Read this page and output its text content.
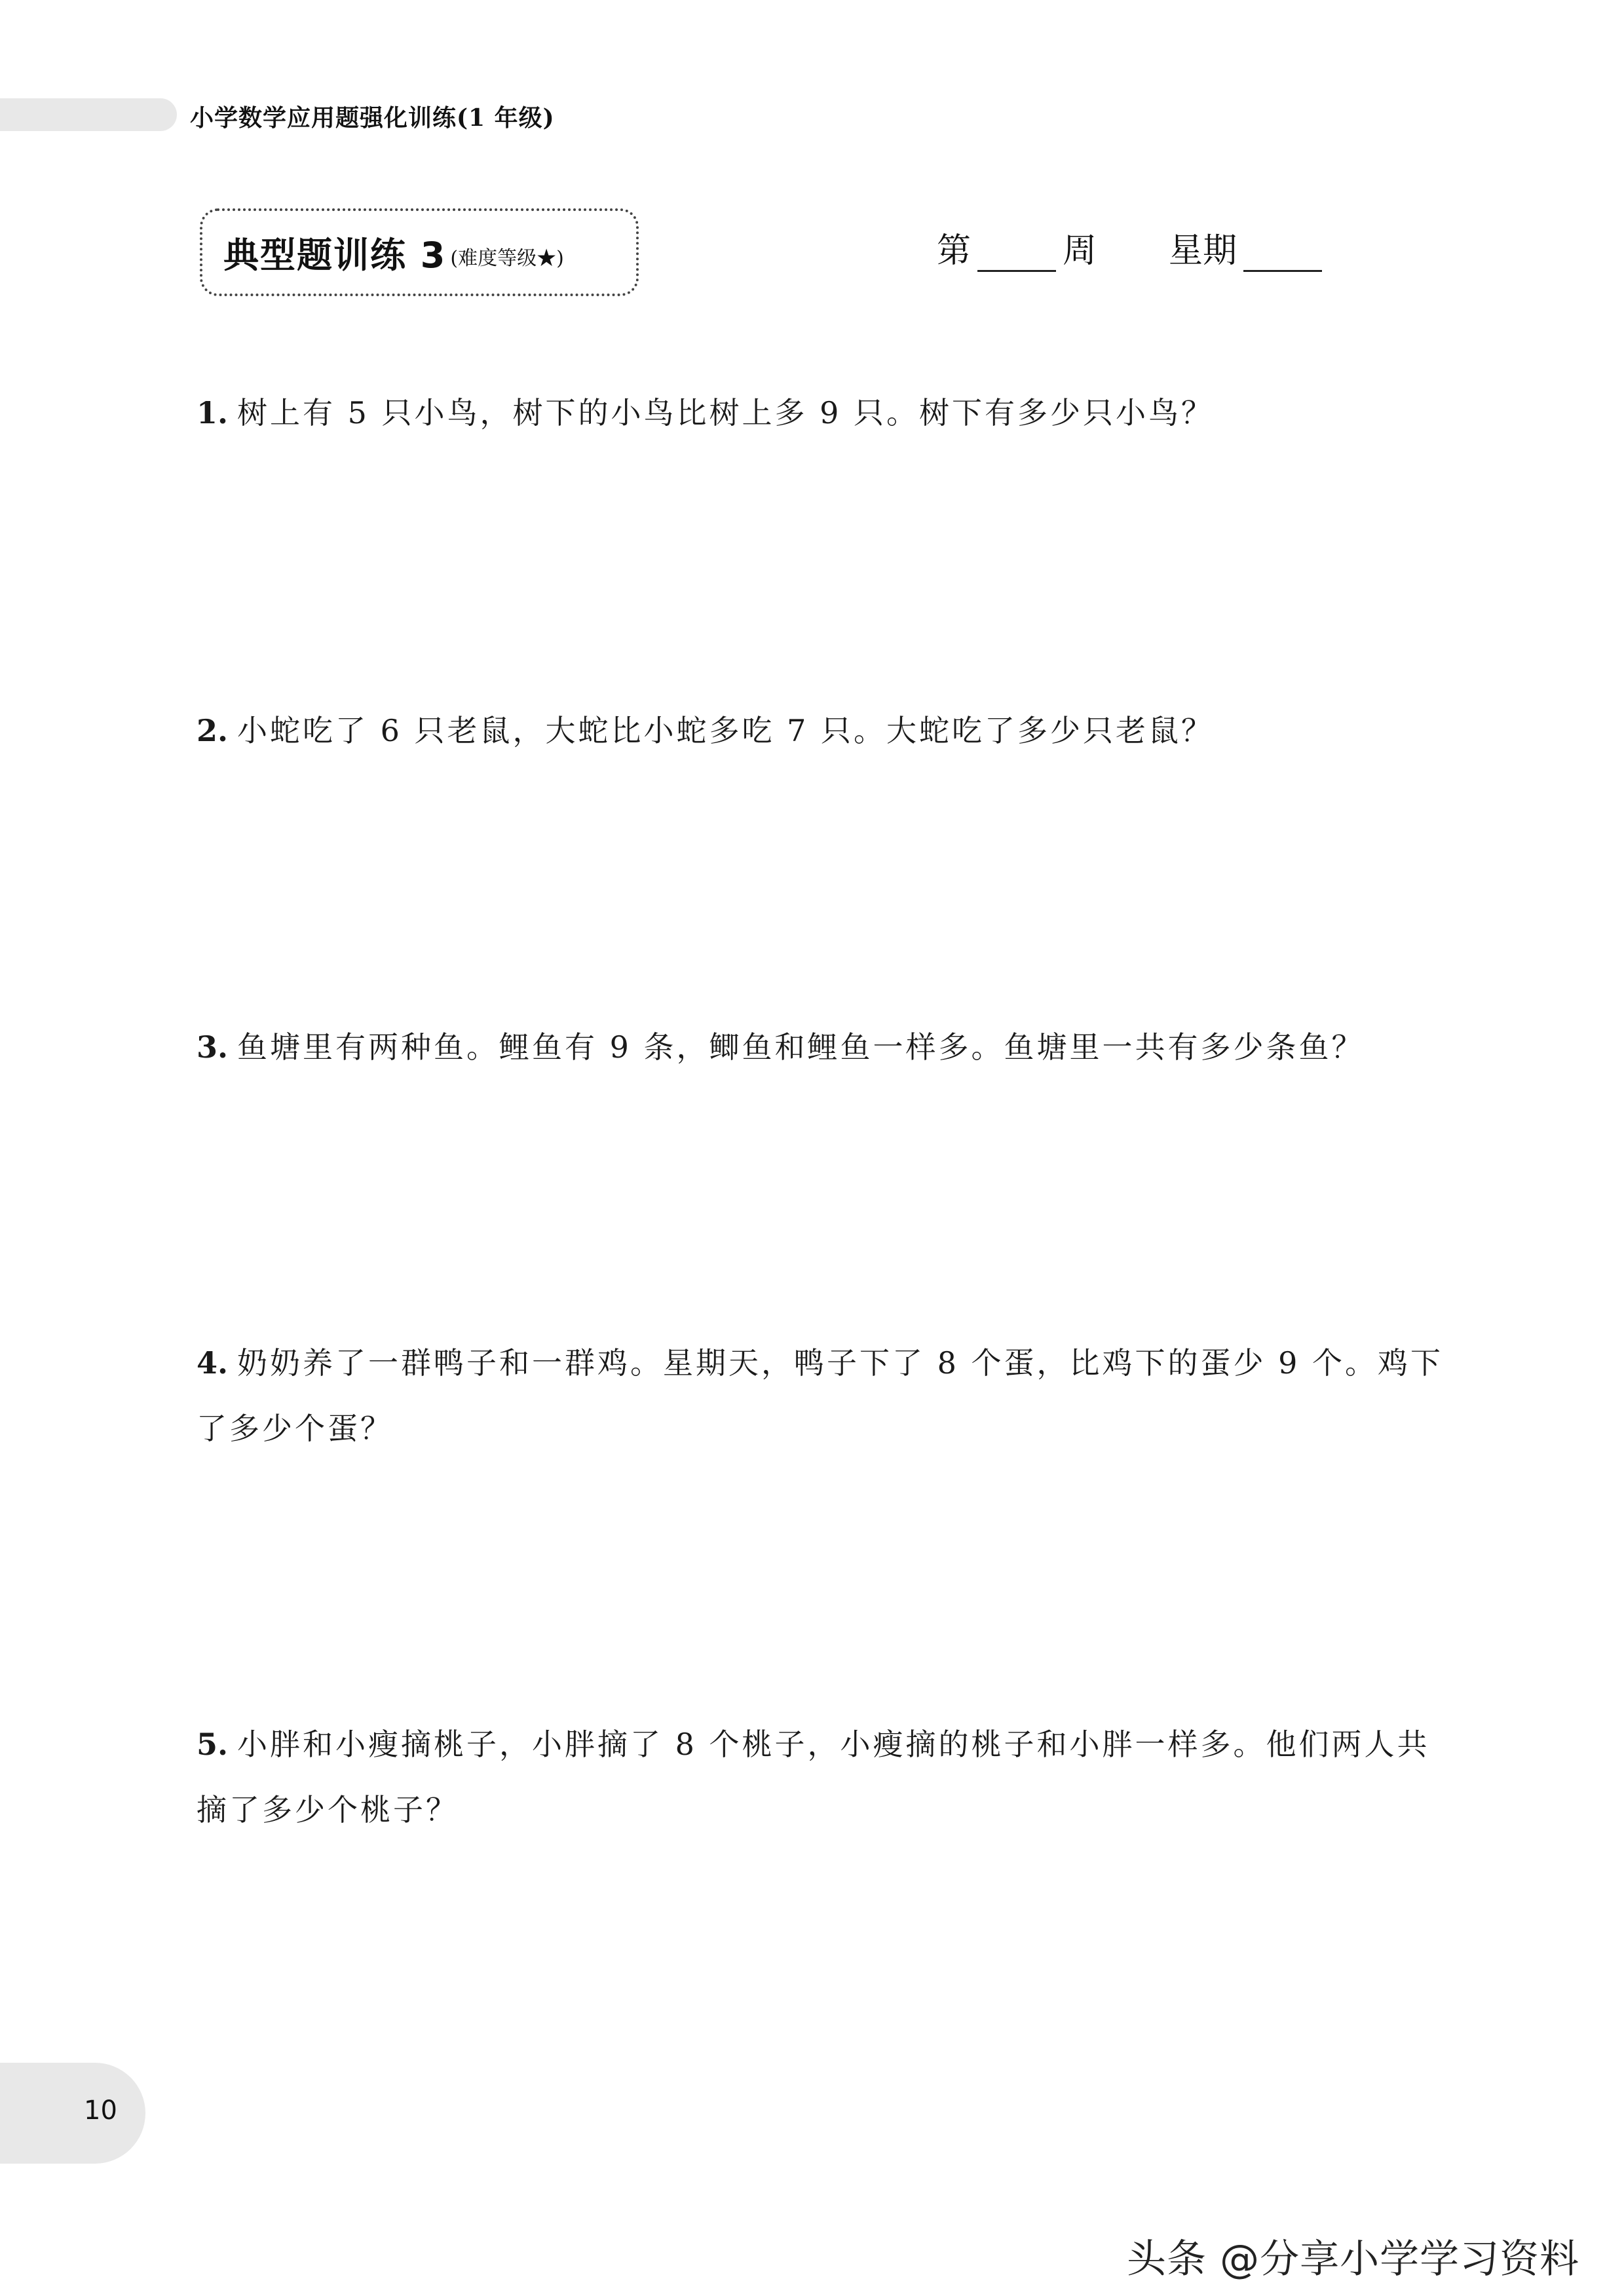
小学数学应用题强化训练(1 年级)
典型题训练 3 (难度等级★)	第	周 星期
1. 树上有 5 只小鸟，树下的小鸟比树上多 9 只。树下有多少只小鸟？
2. 小蛇吃了 6 只老鼠，大蛇比小蛇多吃 7 只。大蛇吃了多少只老鼠？
3. 鱼塘里有两种鱼。鲤鱼有 9 条，鲫鱼和鲤鱼一样多。鱼塘里一共有多少条鱼？
4. 奶奶养了一群鸭子和一群鸡。星期天，鸭子下了 8 个蛋，比鸡下的蛋少 9 个。鸡下了多少个蛋？
5. 小胖和小瘦摘桃子，小胖摘了 8 个桃子，小瘦摘的桃子和小胖一样多。他们两人共摘了多少个桃子？
10
头条 @分享小学学习资料
